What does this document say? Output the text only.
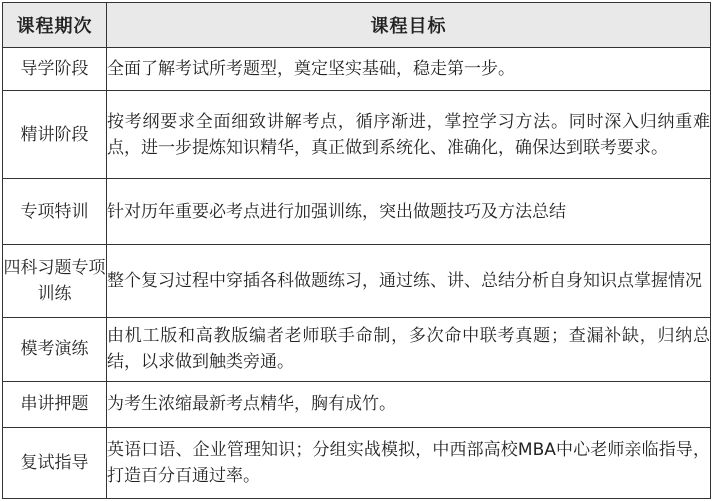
课程期次	课程目标
导学阶段	全面了解考试所考题型，奠定坚实基础，稳走第一步。
精讲阶段	按考纲要求全面细致讲解考点，循序渐进，掌控学习方法。同时深入归纳重难点，进一步提炼知识精华，真正做到系统化、准确化，确保达到联考要求。
专项特训	针对历年重要必考点进行加强训练，突出做题技巧及方法总结
四科习题专项训练	整个复习过程中穿插各科做题练习，通过练、讲、总结分析自身知识点掌握情况
模考演练	由机工版和高教版编者老师联手命制，多次命中联考真题；查漏补缺，归纳总结，以求做到触类旁通。
串讲押题	为考生浓缩最新考点精华，胸有成竹。
复试指导	英语口语、企业管理知识；分组实战模拟，中西部高校MBA中心老师亲临指导，打造百分百通过率。
